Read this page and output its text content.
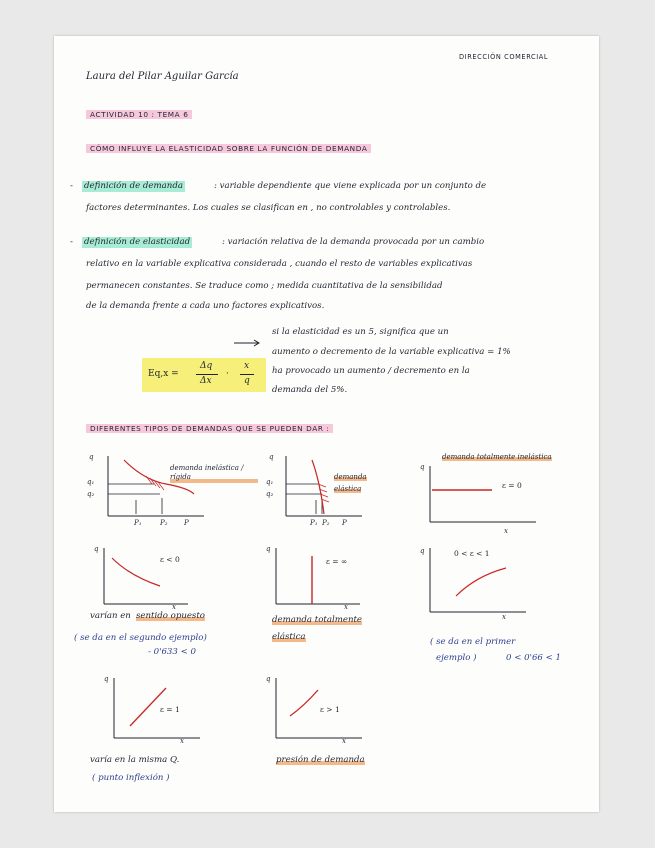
DIRECCIÓN COMERCIAL
Laura del Pilar Aguilar García
ACTIVIDAD 10 : TEMA 6
CÓMO INFLUYE LA ELASTICIDAD SOBRE LA FUNCIÓN DE DEMANDA
- definición de demanda	: variable dependiente que viene explicada por un conjunto de
factores determinantes. Los cuales se clasifican en , no controlables y controlables.
- definición de elasticidad	: variación relativa de la demanda provocada por un cambio
relativo en la variable explicativa considerada , cuando el resto de variables explicativas
permanecen constantes. Se traduce como ; medida cuantitativa de la sensibilidad
de la demanda frente a cada uno factores explicativos.
Eq,x =
Δq
Δx
·
x
q
si la elasticidad es un 5, significa que un
aumento o decremento de la variable explicativa = 1%
ha provocado un aumento / decremento en la
demanda del 5%.
DIFERENTES TIPOS DE DEMANDAS QUE SE PUEDEN DAR :
q
q₁
q₂
P₁	P₂ P
demanda inelástica / rígida
q
q₁
q₂
P₁ P₂ P
demanda
elástica
demanda totalmente inelástica
q
x
ε = 0
q
x
ε < 0
q
x
ε = ∞
q
x
0 < ε < 1
varían en sentido opuesto
( se da en el segundo ejemplo)
- 0'633 < 0
demanda totalmente
elástica	( se da en el primer
ejemplo )	0 < 0'66 < 1
q
x
ε = 1
q
x
ε > 1
varía en la misma Q.
( punto inflexión )
presión de demanda
